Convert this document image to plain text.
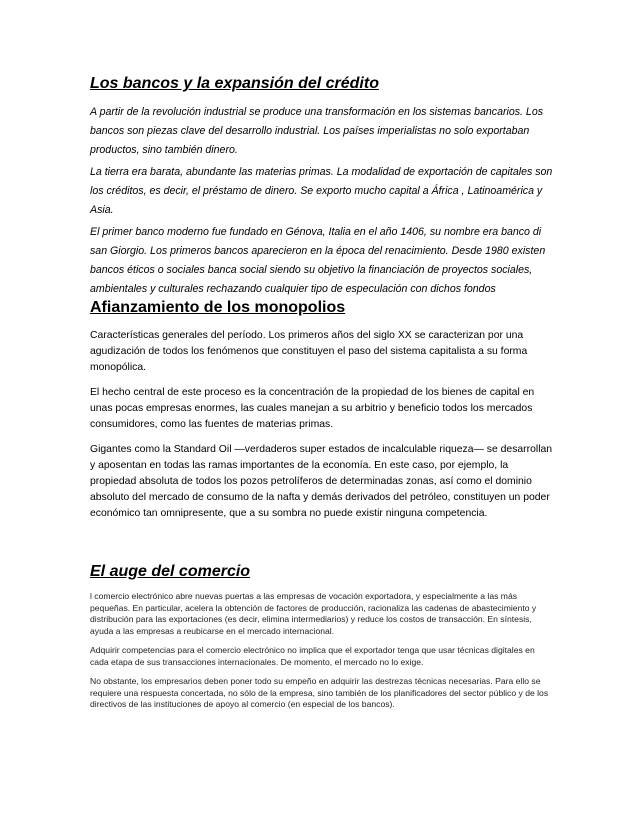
Los bancos y la expansión del crédito

A partir de la revolución industrial se produce una transformación en los sistemas bancarios. Los bancos son piezas clave del desarrollo industrial. Los países imperialistas no solo exportaban productos, sino también dinero.

La tierra era barata, abundante las materias primas. La modalidad de exportación de capitales son los créditos, es decir, el préstamo de dinero. Se exporto mucho capital a África , Latinoamérica y Asia.

El primer banco moderno fue fundado en Génova, Italia en el año 1406, su nombre era banco di san Giorgio. Los primeros bancos aparecieron en la época del renacimiento. Desde 1980 existen bancos éticos o sociales banca social siendo su objetivo la financiación de proyectos sociales, ambientales y culturales rechazando cualquier tipo de especulación con dichos fondos

Afianzamiento de los monopolios

Características generales del período. Los primeros años del siglo XX se caracterizan por una agudización de todos los fenómenos que constituyen el paso del sistema capitalista a su forma monopólica.

El hecho central de este proceso es la concentración de la propiedad de los bienes de capital en unas pocas empresas enormes, las cuales manejan a su arbitrio y beneficio todos los mercados consumidores, como las fuentes de materias primas.

Gigantes como la Standard Oil —verdaderos super estados de incalculable riqueza— se desarrollan y aposentan en todas las ramas importantes de la economía. En este caso, por ejemplo, la propiedad absoluta de todos los pozos petrolíferos de determinadas zonas, así como el dominio absoluto del mercado de consumo de la nafta y demás derivados del petróleo, constituyen un poder económico tan omnipresente, que a su sombra no puede existir ninguna competencia.

El auge del comercio

l comercio electrónico abre nuevas puertas a las empresas de vocación exportadora, y especialmente a las más pequeñas. En particular, acelera la obtención de factores de producción, racionaliza las cadenas de abastecimiento y distribución para las exportaciones (es decir, elimina intermediarios) y reduce los costos de transacción. En síntesis, ayuda a las empresas a reubicarse en el mercado internacional.

Adquirir competencias para el comercio electrónico no implica que el exportador tenga que usar técnicas digitales en cada etapa de sus transacciones internacionales. De momento, el mercado no lo exige.

No obstante, los empresarios deben poner todo su empeño en adquirir las destrezas técnicas necesarias. Para ello se requiere una respuesta concertada, no sólo de la empresa, sino también de los planificadores del sector público y de los directivos de las instituciones de apoyo al comercio (en especial de los bancos).
